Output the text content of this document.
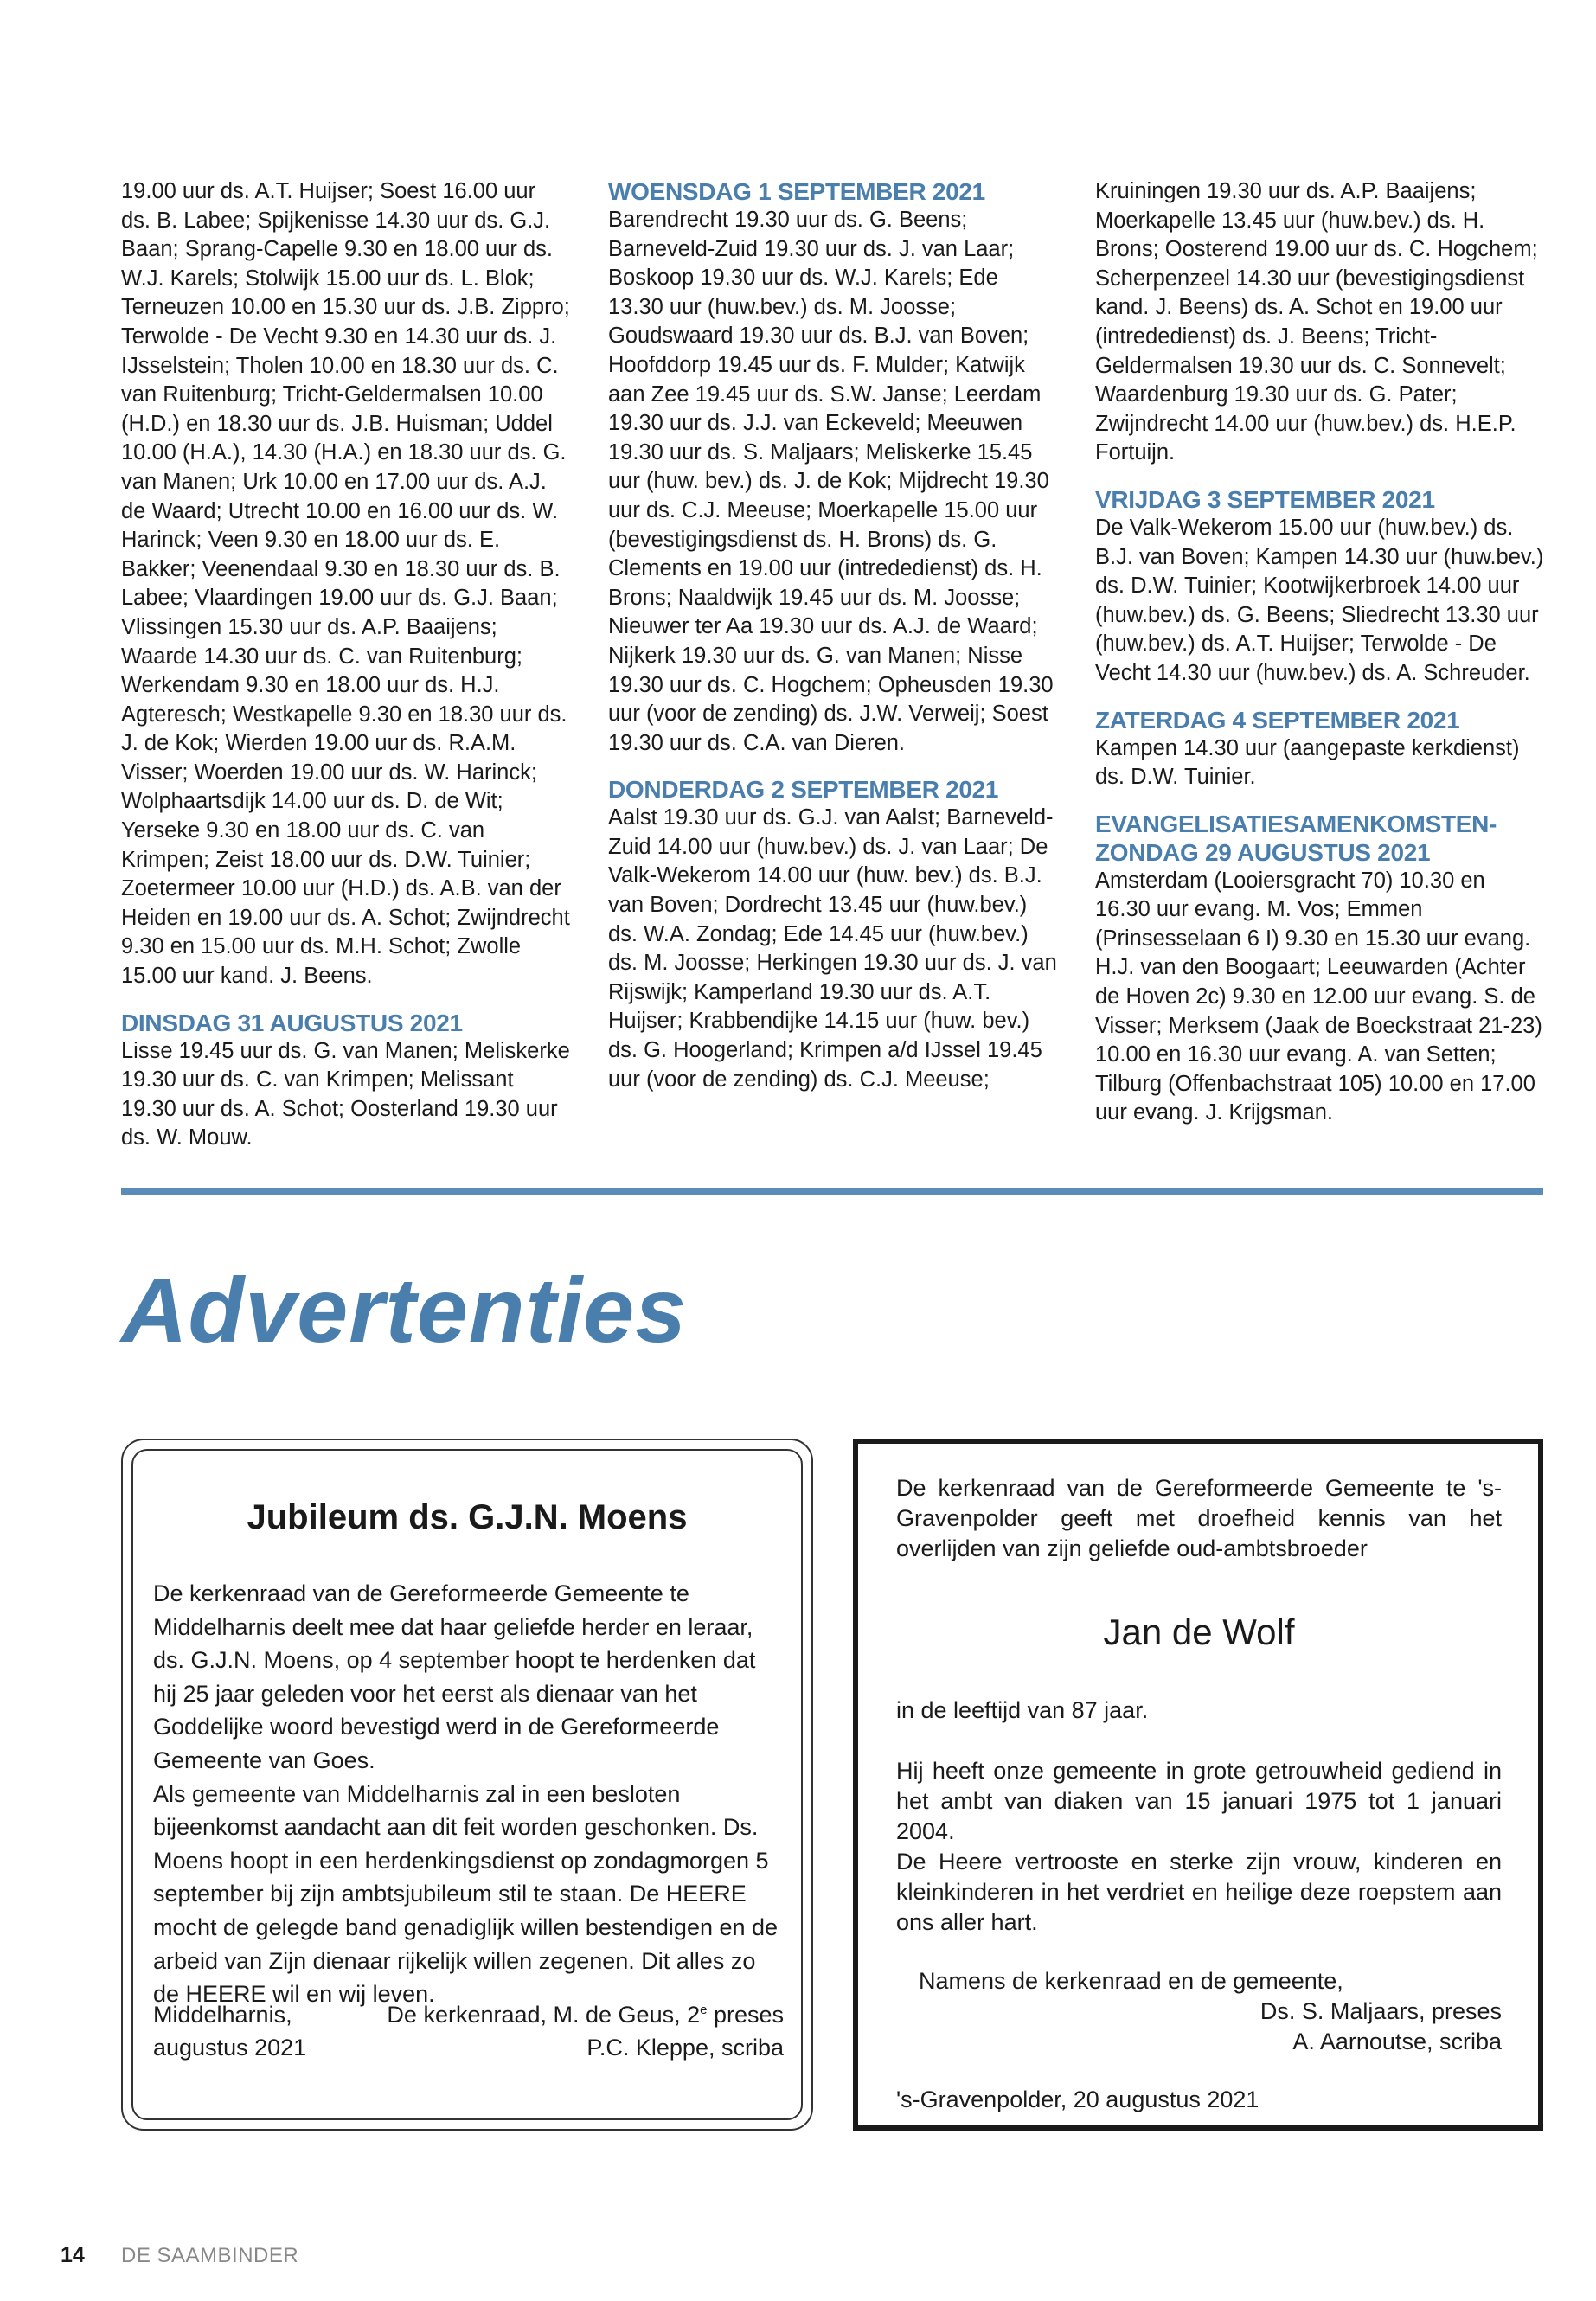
19.00 uur ds. A.T. Huijser; Soest 16.00 uur ds. B. Labee; Spijkenisse 14.30 uur ds. G.J. Baan; Sprang-Capelle 9.30 en 18.00 uur ds. W.J. Karels; Stolwijk 15.00 uur ds. L. Blok; Terneuzen 10.00 en 15.30 uur ds. J.B. Zippro; Terwolde - De Vecht 9.30 en 14.30 uur ds. J. IJsselstein; Tholen 10.00 en 18.30 uur ds. C. van Ruitenburg; Tricht-Geldermalsen 10.00 (H.D.) en 18.30 uur ds. J.B. Huisman; Uddel 10.00 (H.A.), 14.30 (H.A.) en 18.30 uur ds. G. van Manen; Urk 10.00 en 17.00 uur ds. A.J. de Waard; Utrecht 10.00 en 16.00 uur ds. W. Harinck; Veen 9.30 en 18.00 uur ds. E. Bakker; Veenendaal 9.30 en 18.30 uur ds. B. Labee; Vlaardingen 19.00 uur ds. G.J. Baan; Vlissingen 15.30 uur ds. A.P. Baaijens; Waarde 14.30 uur ds. C. van Ruitenburg; Werkendam 9.30 en 18.00 uur ds. H.J. Agteresch; Westkapelle 9.30 en 18.30 uur ds. J. de Kok; Wierden 19.00 uur ds. R.A.M. Visser; Woerden 19.00 uur ds. W. Harinck; Wolphaartsdijk 14.00 uur ds. D. de Wit; Yerseke 9.30 en 18.00 uur ds. C. van Krimpen; Zeist 18.00 uur ds. D.W. Tuinier; Zoetermeer 10.00 uur (H.D.) ds. A.B. van der Heiden en 19.00 uur ds. A. Schot; Zwijndrecht 9.30 en 15.00 uur ds. M.H. Schot; Zwolle 15.00 uur kand. J. Beens.

DINSDAG 31 AUGUSTUS 2021

Lisse 19.45 uur ds. G. van Manen; Meliskerke 19.30 uur ds. C. van Krimpen; Melissant 19.30 uur ds. A. Schot; Oosterland 19.30 uur ds. W. Mouw.

WOENSDAG 1 SEPTEMBER 2021

Barendrecht 19.30 uur ds. G. Beens; Barneveld-Zuid 19.30 uur ds. J. van Laar; Boskoop 19.30 uur ds. W.J. Karels; Ede 13.30 uur (huw.bev.) ds. M. Joosse; Goudswaard 19.30 uur ds. B.J. van Boven; Hoofddorp 19.45 uur ds. F. Mulder; Katwijk aan Zee 19.45 uur ds. S.W. Janse; Leerdam 19.30 uur ds. J.J. van Eckeveld; Meeuwen 19.30 uur ds. S. Maljaars; Meliskerke 15.45 uur (huw. bev.) ds. J. de Kok; Mijdrecht 19.30 uur ds. C.J. Meeuse; Moerkapelle 15.00 uur (bevestigingsdienst ds. H. Brons) ds. G. Clements en 19.00 uur (intrededienst) ds. H. Brons; Naaldwijk 19.45 uur ds. M. Joosse; Nieuwer ter Aa 19.30 uur ds. A.J. de Waard; Nijkerk 19.30 uur ds. G. van Manen; Nisse 19.30 uur ds. C. Hogchem; Opheusden 19.30 uur (voor de zending) ds. J.W. Verweij; Soest 19.30 uur ds. C.A. van Dieren.

DONDERDAG 2 SEPTEMBER 2021

Aalst 19.30 uur ds. G.J. van Aalst; Barneveld-Zuid 14.00 uur (huw.bev.) ds. J. van Laar; De Valk-Wekerom 14.00 uur (huw. bev.) ds. B.J. van Boven; Dordrecht 13.45 uur (huw.bev.) ds. W.A. Zondag; Ede 14.45 uur (huw.bev.) ds. M. Joosse; Herkingen 19.30 uur ds. J. van Rijswijk; Kamperland 19.30 uur ds. A.T. Huijser; Krabbendijke 14.15 uur (huw. bev.) ds. G. Hoogerland; Krimpen a/d IJssel 19.45 uur (voor de zending) ds. C.J. Meeuse;

Kruiningen 19.30 uur ds. A.P. Baaijens; Moerkapelle 13.45 uur (huw.bev.) ds. H. Brons; Oosterend 19.00 uur ds. C. Hogchem; Scherpenzeel 14.30 uur (bevestigingsdienst kand. J. Beens) ds. A. Schot en 19.00 uur (intrededienst) ds. J. Beens; Tricht-Geldermalsen 19.30 uur ds. C. Sonnevelt; Waardenburg 19.30 uur ds. G. Pater; Zwijndrecht 14.00 uur (huw.bev.) ds. H.E.P. Fortuijn.

VRIJDAG 3 SEPTEMBER 2021

De Valk-Wekerom 15.00 uur (huw.bev.) ds. B.J. van Boven; Kampen 14.30 uur (huw.bev.) ds. D.W. Tuinier; Kootwijkerbroek 14.00 uur (huw.bev.) ds. G. Beens; Sliedrecht 13.30 uur (huw.bev.) ds. A.T. Huijser; Terwolde - De Vecht 14.30 uur (huw.bev.) ds. A. Schreuder.

ZATERDAG 4 SEPTEMBER 2021

Kampen 14.30 uur (aangepaste kerkdienst) ds. D.W. Tuinier.

EVANGELISATIESAMENKOMSTEN-ZONDAG 29 AUGUSTUS 2021

Amsterdam (Looiersgracht 70) 10.30 en 16.30 uur evang. M. Vos; Emmen (Prinsesselaan 6 I) 9.30 en 15.30 uur evang. H.J. van den Boogaart; Leeuwarden (Achter de Hoven 2c) 9.30 en 12.00 uur evang. S. de Visser; Merksem (Jaak de Boeckstraat 21-23) 10.00 en 16.30 uur evang. A. van Setten; Tilburg (Offenbachstraat 105) 10.00 en 17.00 uur evang. J. Krijgsman.

Advertenties
Jubileum ds. G.J.N. Moens

De kerkenraad van de Gereformeerde Gemeente te Middelharnis deelt mee dat haar geliefde herder en leraar, ds. G.J.N. Moens, op 4 september hoopt te herdenken dat hij 25 jaar geleden voor het eerst als dienaar van het Goddelijke woord bevestigd werd in de Gereformeerde Gemeente van Goes.

Als gemeente van Middelharnis zal in een besloten bijeenkomst aandacht aan dit feit worden geschonken. Ds. Moens hoopt in een herdenkingsdienst op zondagmorgen 5 september bij zijn ambtsjubileum stil te staan. De HEERE mocht de gelegde band genadiglijk willen bestendigen en de arbeid van Zijn dienaar rijkelijk willen zegenen. Dit alles zo de HEERE wil en wij leven.

Middelharnis,
augustus 2021
De kerkenraad, M. de Geus, 2e preses
P.C. Kleppe, scriba

De kerkenraad van de Gereformeerde Gemeente te 's-Gravenpolder geeft met droefheid kennis van het overlijden van zijn geliefde oud-ambtsbroeder

Jan de Wolf

in de leeftijd van 87 jaar.

Hij heeft onze gemeente in grote getrouwheid gediend in het ambt van diaken van 15 januari 1975 tot 1 januari 2004.

De Heere vertrooste en sterke zijn vrouw, kinderen en kleinkinderen in het verdriet en heilige deze roepstem aan ons aller hart.

Namens de kerkenraad en de gemeente,
Ds. S. Maljaars, preses
A. Aarnoutse, scriba
's-Gravenpolder, 20 augustus 2021
14 DE SAAMBINDER
